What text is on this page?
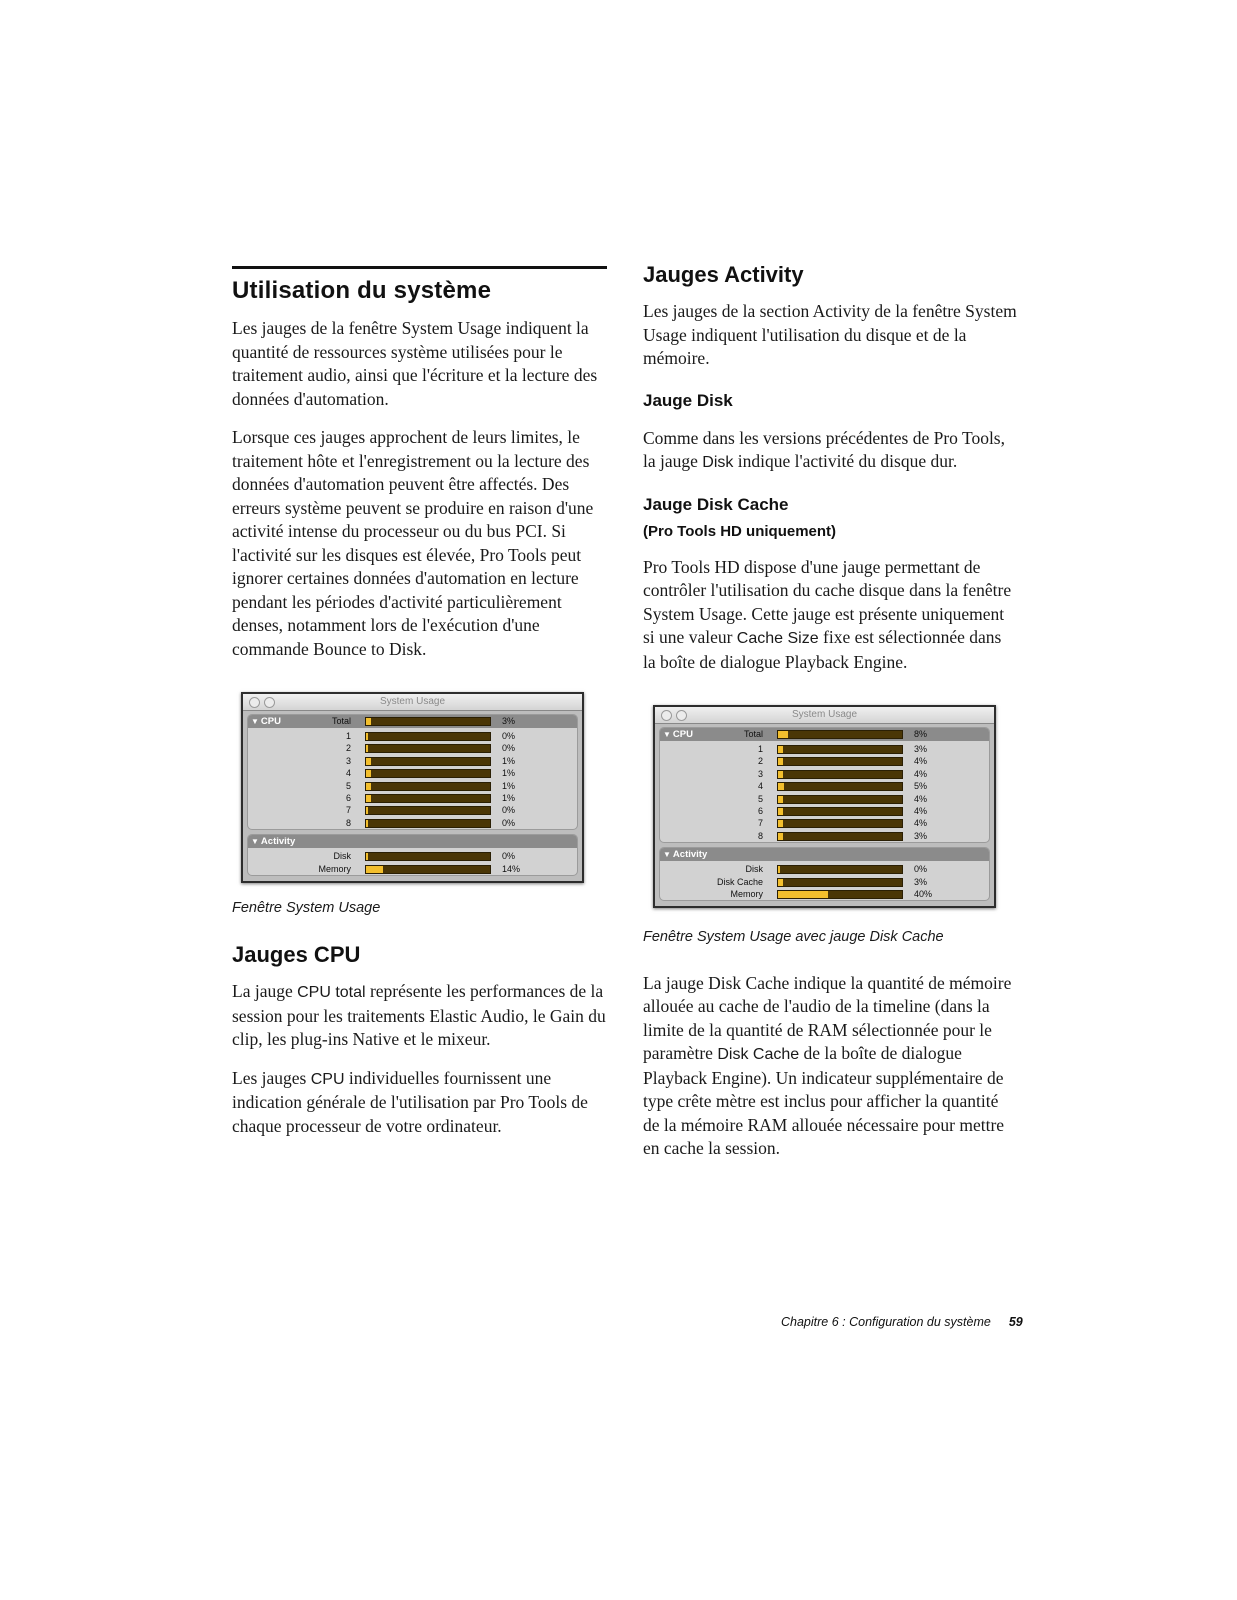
Utilisation du système

Les jauges de la fenêtre System Usage indiquent la quantité de ressources système utilisées pour le traitement audio, ainsi que l'écriture et la lecture des données d'automation.

Lorsque ces jauges approchent de leurs limites, le traitement hôte et l'enregistrement ou la lecture des données d'automation peuvent être affectés. Des erreurs système peuvent se produire en raison d'une activité intense du processeur ou du bus PCI. Si l'activité sur les disques est élevée, Pro Tools peut ignorer certaines données d'automation en lecture pendant les périodes d'activité particulièrement denses, notamment lors de l'exécution d'une commande Bounce to Disk.

System Usage
▼ CPU	Total	3%
1	0%
2	0%
3	1%
4	1%
5	1%
6	1%
7	0%
8	0%
▼ Activity
Disk	0%
Memory	14%

Fenêtre System Usage

Jauges CPU

La jauge CPU total représente les performances de la session pour les traitements Elastic Audio, le Gain du clip, les plug-ins Native et le mixeur.

Les jauges CPU individuelles fournissent une indication générale de l'utilisation par Pro Tools de chaque processeur de votre ordinateur.

Jauges Activity

Les jauges de la section Activity de la fenêtre System Usage indiquent l'utilisation du disque et de la mémoire.

Jauge Disk

Comme dans les versions précédentes de Pro Tools, la jauge Disk indique l'activité du disque dur.

Jauge Disk Cache
(Pro Tools HD uniquement)

Pro Tools HD dispose d'une jauge permettant de contrôler l'utilisation du cache disque dans la fenêtre System Usage. Cette jauge est présente uniquement si une valeur Cache Size fixe est sélectionnée dans la boîte de dialogue Playback Engine.

System Usage
▼ CPU	Total	8%
1	3%
2	4%
3	4%
4	5%
5	4%
6	4%
7	4%
8	3%
▼ Activity
Disk	0%
Disk Cache	3%
Memory	40%

Fenêtre System Usage avec jauge Disk Cache

La jauge Disk Cache indique la quantité de mémoire allouée au cache de l'audio de la timeline (dans la limite de la quantité de RAM sélectionnée pour le paramètre Disk Cache de la boîte de dialogue Playback Engine). Un indicateur supplémentaire de type crête mètre est inclus pour afficher la quantité de la mémoire RAM allouée nécessaire pour mettre en cache la session.

Chapitre 6 : Configuration du système 59
